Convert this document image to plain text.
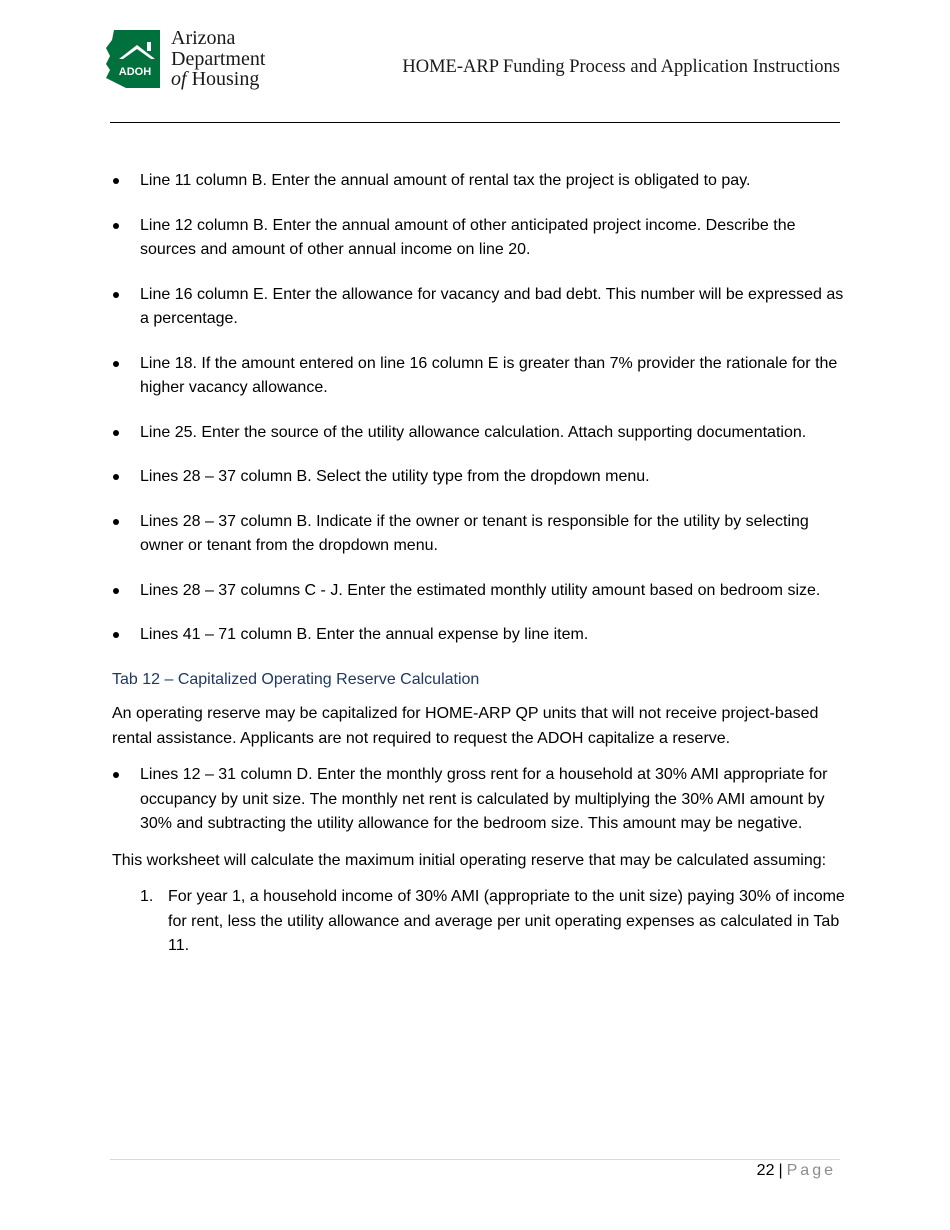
ADOH
Arizona
Department
of Housing
HOME-ARP Funding Process and Application Instructions
Line 11 column B. Enter the annual amount of rental tax the project is obligated to pay.
Line 12 column B. Enter the annual amount of other anticipated project income. Describe the sources and amount of other annual income on line 20.
Line 16 column E. Enter the allowance for vacancy and bad debt. This number will be expressed as a percentage.
Line 18. If the amount entered on line 16 column E is greater than 7% provider the rationale for the higher vacancy allowance.
Line 25. Enter the source of the utility allowance calculation. Attach supporting documentation.
Lines 28 – 37 column B. Select the utility type from the dropdown menu.
Lines 28 – 37 column B. Indicate if the owner or tenant is responsible for the utility by selecting owner or tenant from the dropdown menu.
Lines 28 – 37 columns C - J. Enter the estimated monthly utility amount based on bedroom size.
Lines 41 – 71 column B. Enter the annual expense by line item.
Tab 12 – Capitalized Operating Reserve Calculation

An operating reserve may be capitalized for HOME-ARP QP units that will not receive project-based rental assistance. Applicants are not required to request the ADOH capitalize a reserve.

Lines 12 – 31 column D. Enter the monthly gross rent for a household at 30% AMI appropriate for occupancy by unit size. The monthly net rent is calculated by multiplying the 30% AMI amount by 30% and subtracting the utility allowance for the bedroom size. This amount may be negative.

This worksheet will calculate the maximum initial operating reserve that may be calculated assuming:

1. For year 1, a household income of 30% AMI (appropriate to the unit size) paying 30% of income for rent, less the utility allowance and average per unit operating expenses as calculated in Tab 11.
22 | Page
